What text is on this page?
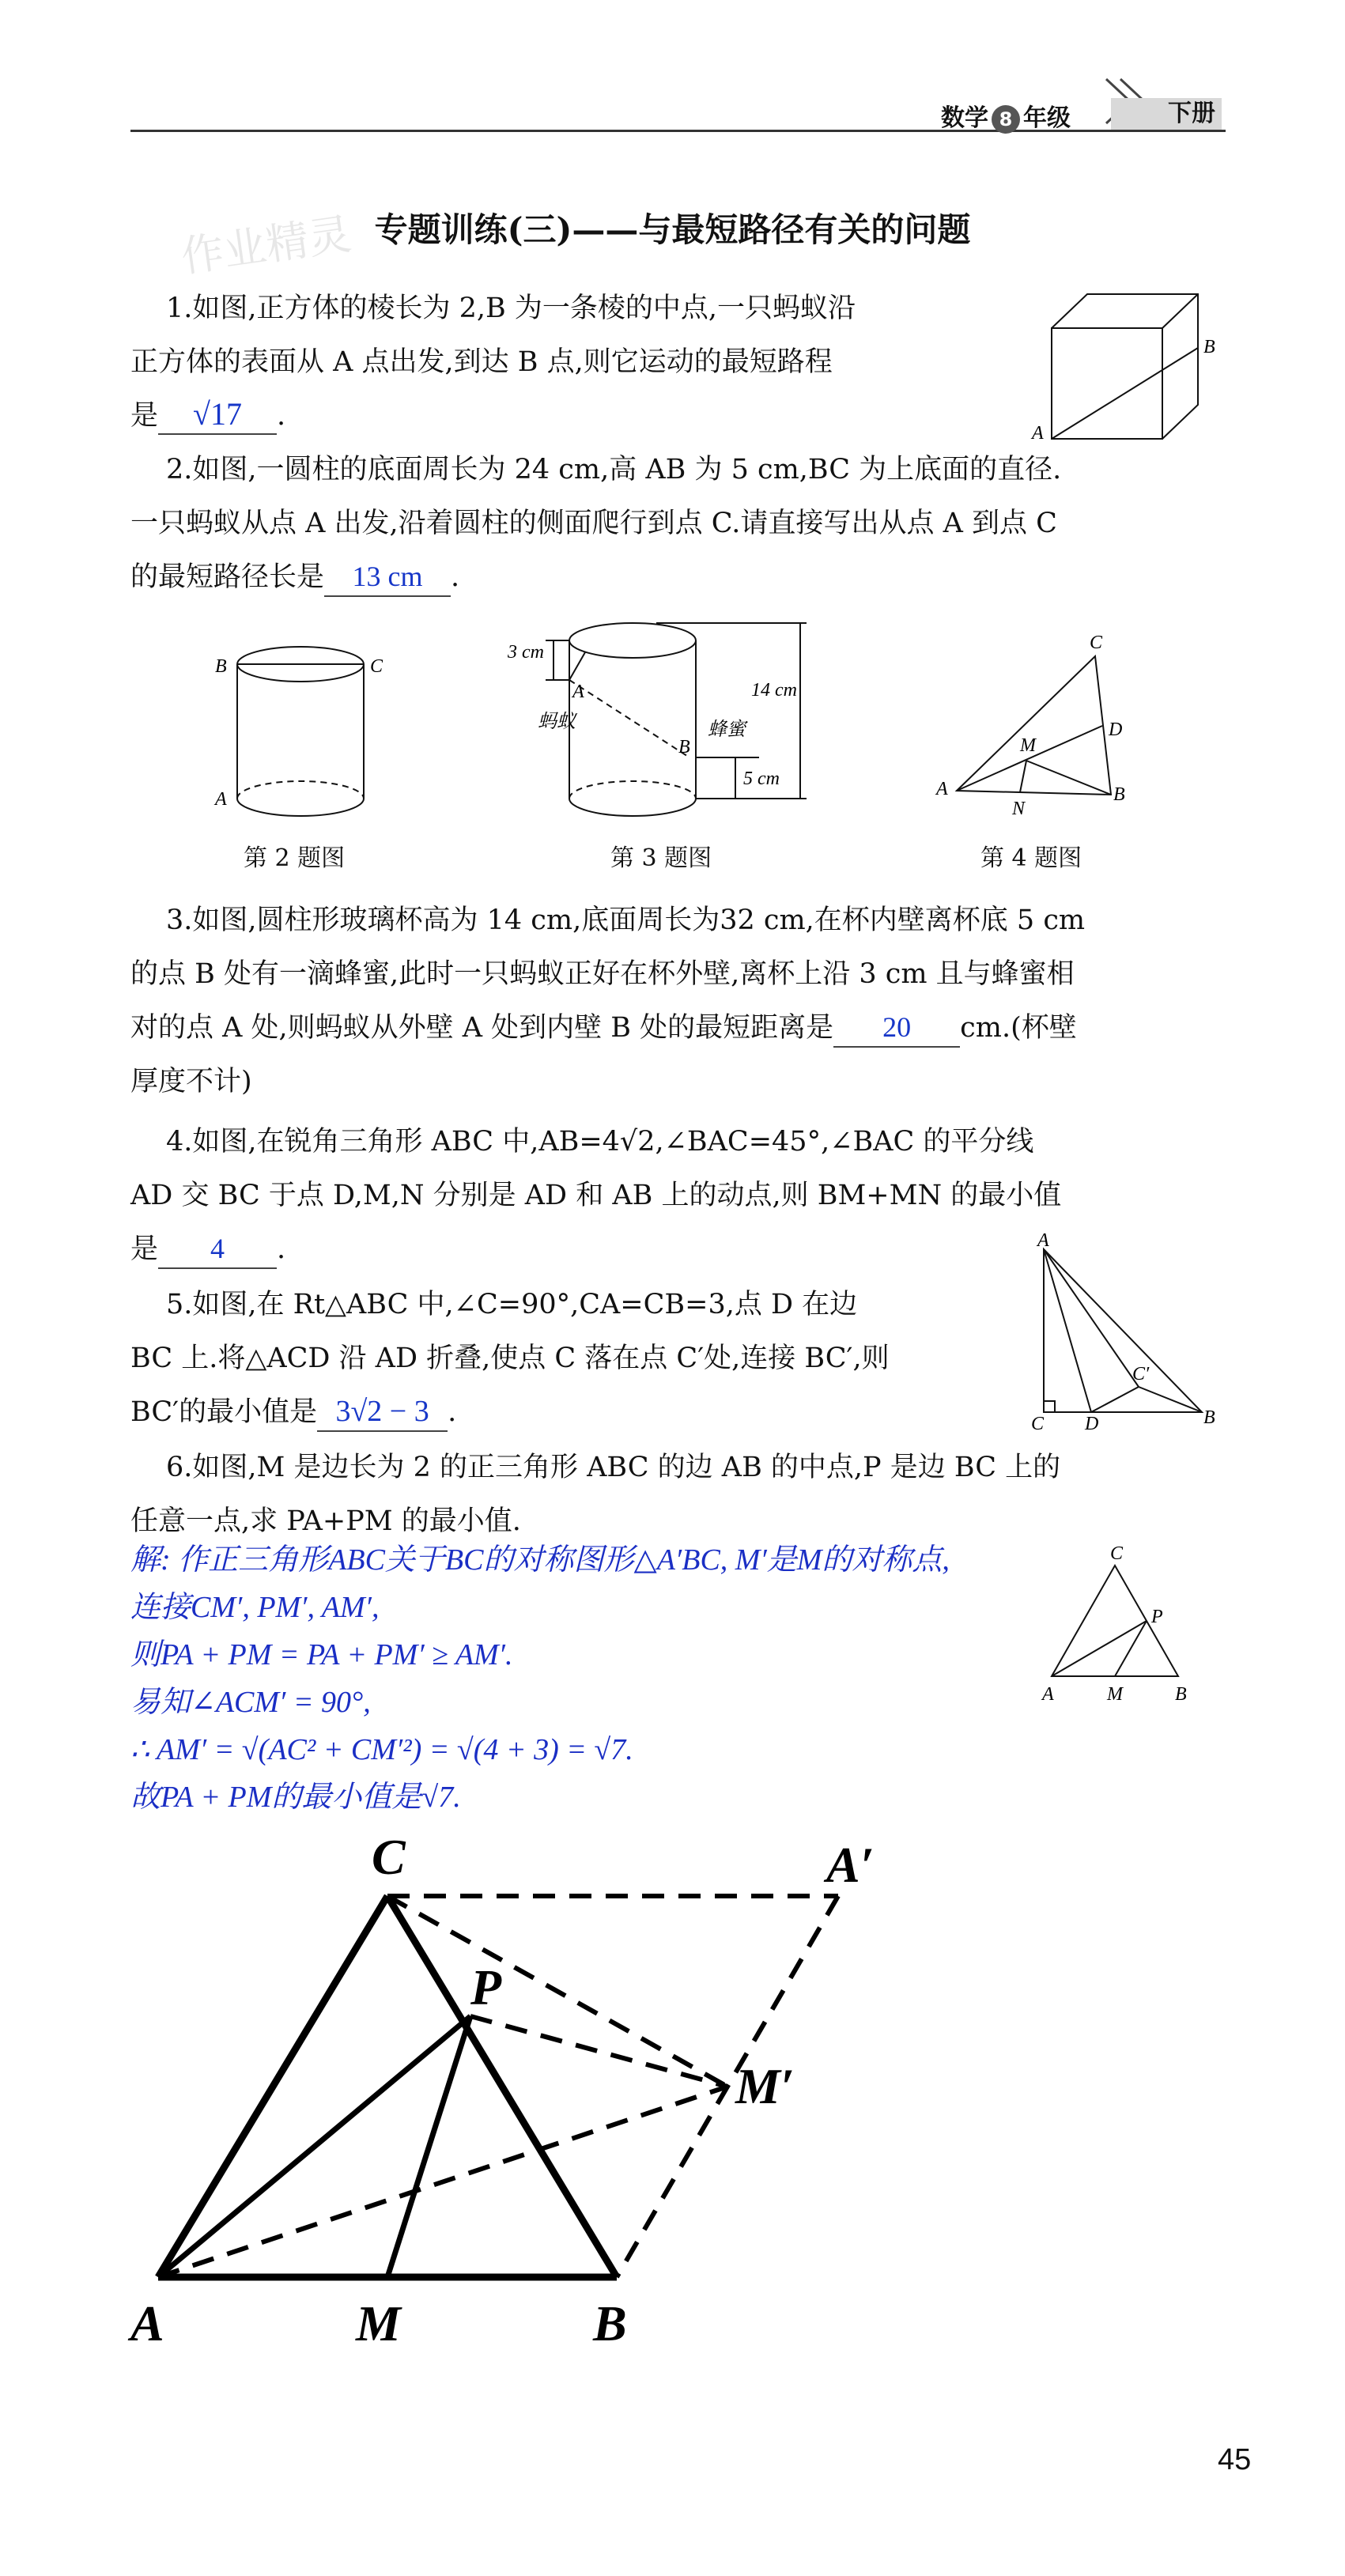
数学 8 年级	下册
作业精灵 专题训练(三)——与最短路径有关的问题
1.如图,正方体的棱长为 2,B 为一条棱的中点,一只蚂蚁沿
正方体的表面从 A 点出发,到达 B 点,则它运动的最短路程
是 √17 .
A
B
2.如图,一圆柱的底面周长为 24 cm,高 AB 为 5 cm,BC 为上底面的直径.
一只蚂蚁从点 A 出发,沿着圆柱的侧面爬行到点 C.请直接写出从点 A 到点 C
的最短路径长是 13 cm .
B	C
A
第 2 题图
3 cm
A
蚂蚁
14 cm
蜂蜜
B
5 cm
第 3 题图
C
D
M
A
N
B
第 4 题图
3.如图,圆柱形玻璃杯高为 14 cm,底面周长为32 cm,在杯内壁离杯底 5 cm
的点 B 处有一滴蜂蜜,此时一只蚂蚁正好在杯外壁,离杯上沿 3 cm 且与蜂蜜相
对的点 A 处,则蚂蚁从外壁 A 处到内壁 B 处的最短距离是 20 cm.(杯壁
厚度不计)
4.如图,在锐角三角形 ABC 中,AB=4√2,∠BAC=45°,∠BAC 的平分线
AD 交 BC 于点 D,M,N 分别是 AD 和 AB 上的动点,则 BM+MN 的最小值
是 4 .
5.如图,在 Rt△ABC 中,∠C=90°,CA=CB=3,点 D 在边
BC 上.将△ACD 沿 AD 折叠,使点 C 落在点 C′处,连接 BC′,则
BC′的最小值是 3√2 − 3 .
A
C′
C D	B
6.如图,M 是边长为 2 的正三角形 ABC 的边 AB 的中点,P 是边 BC 上的
任意一点,求 PA+PM 的最小值.
解: 作正三角形ABC关于BC的对称图形△A′BC, M′是M的对称点,
连接CM′, PM′, AM′,
则PA + PM = PA + PM′ ≥ AM′.
易知∠ACM′ = 90°,
∴ AM′ = √(AC² + CM′²) = √(4 + 3) = √7.
故PA + PM的最小值是√7.
C
P
A	M	B
C	A′
P
M′
A	M	B
45
